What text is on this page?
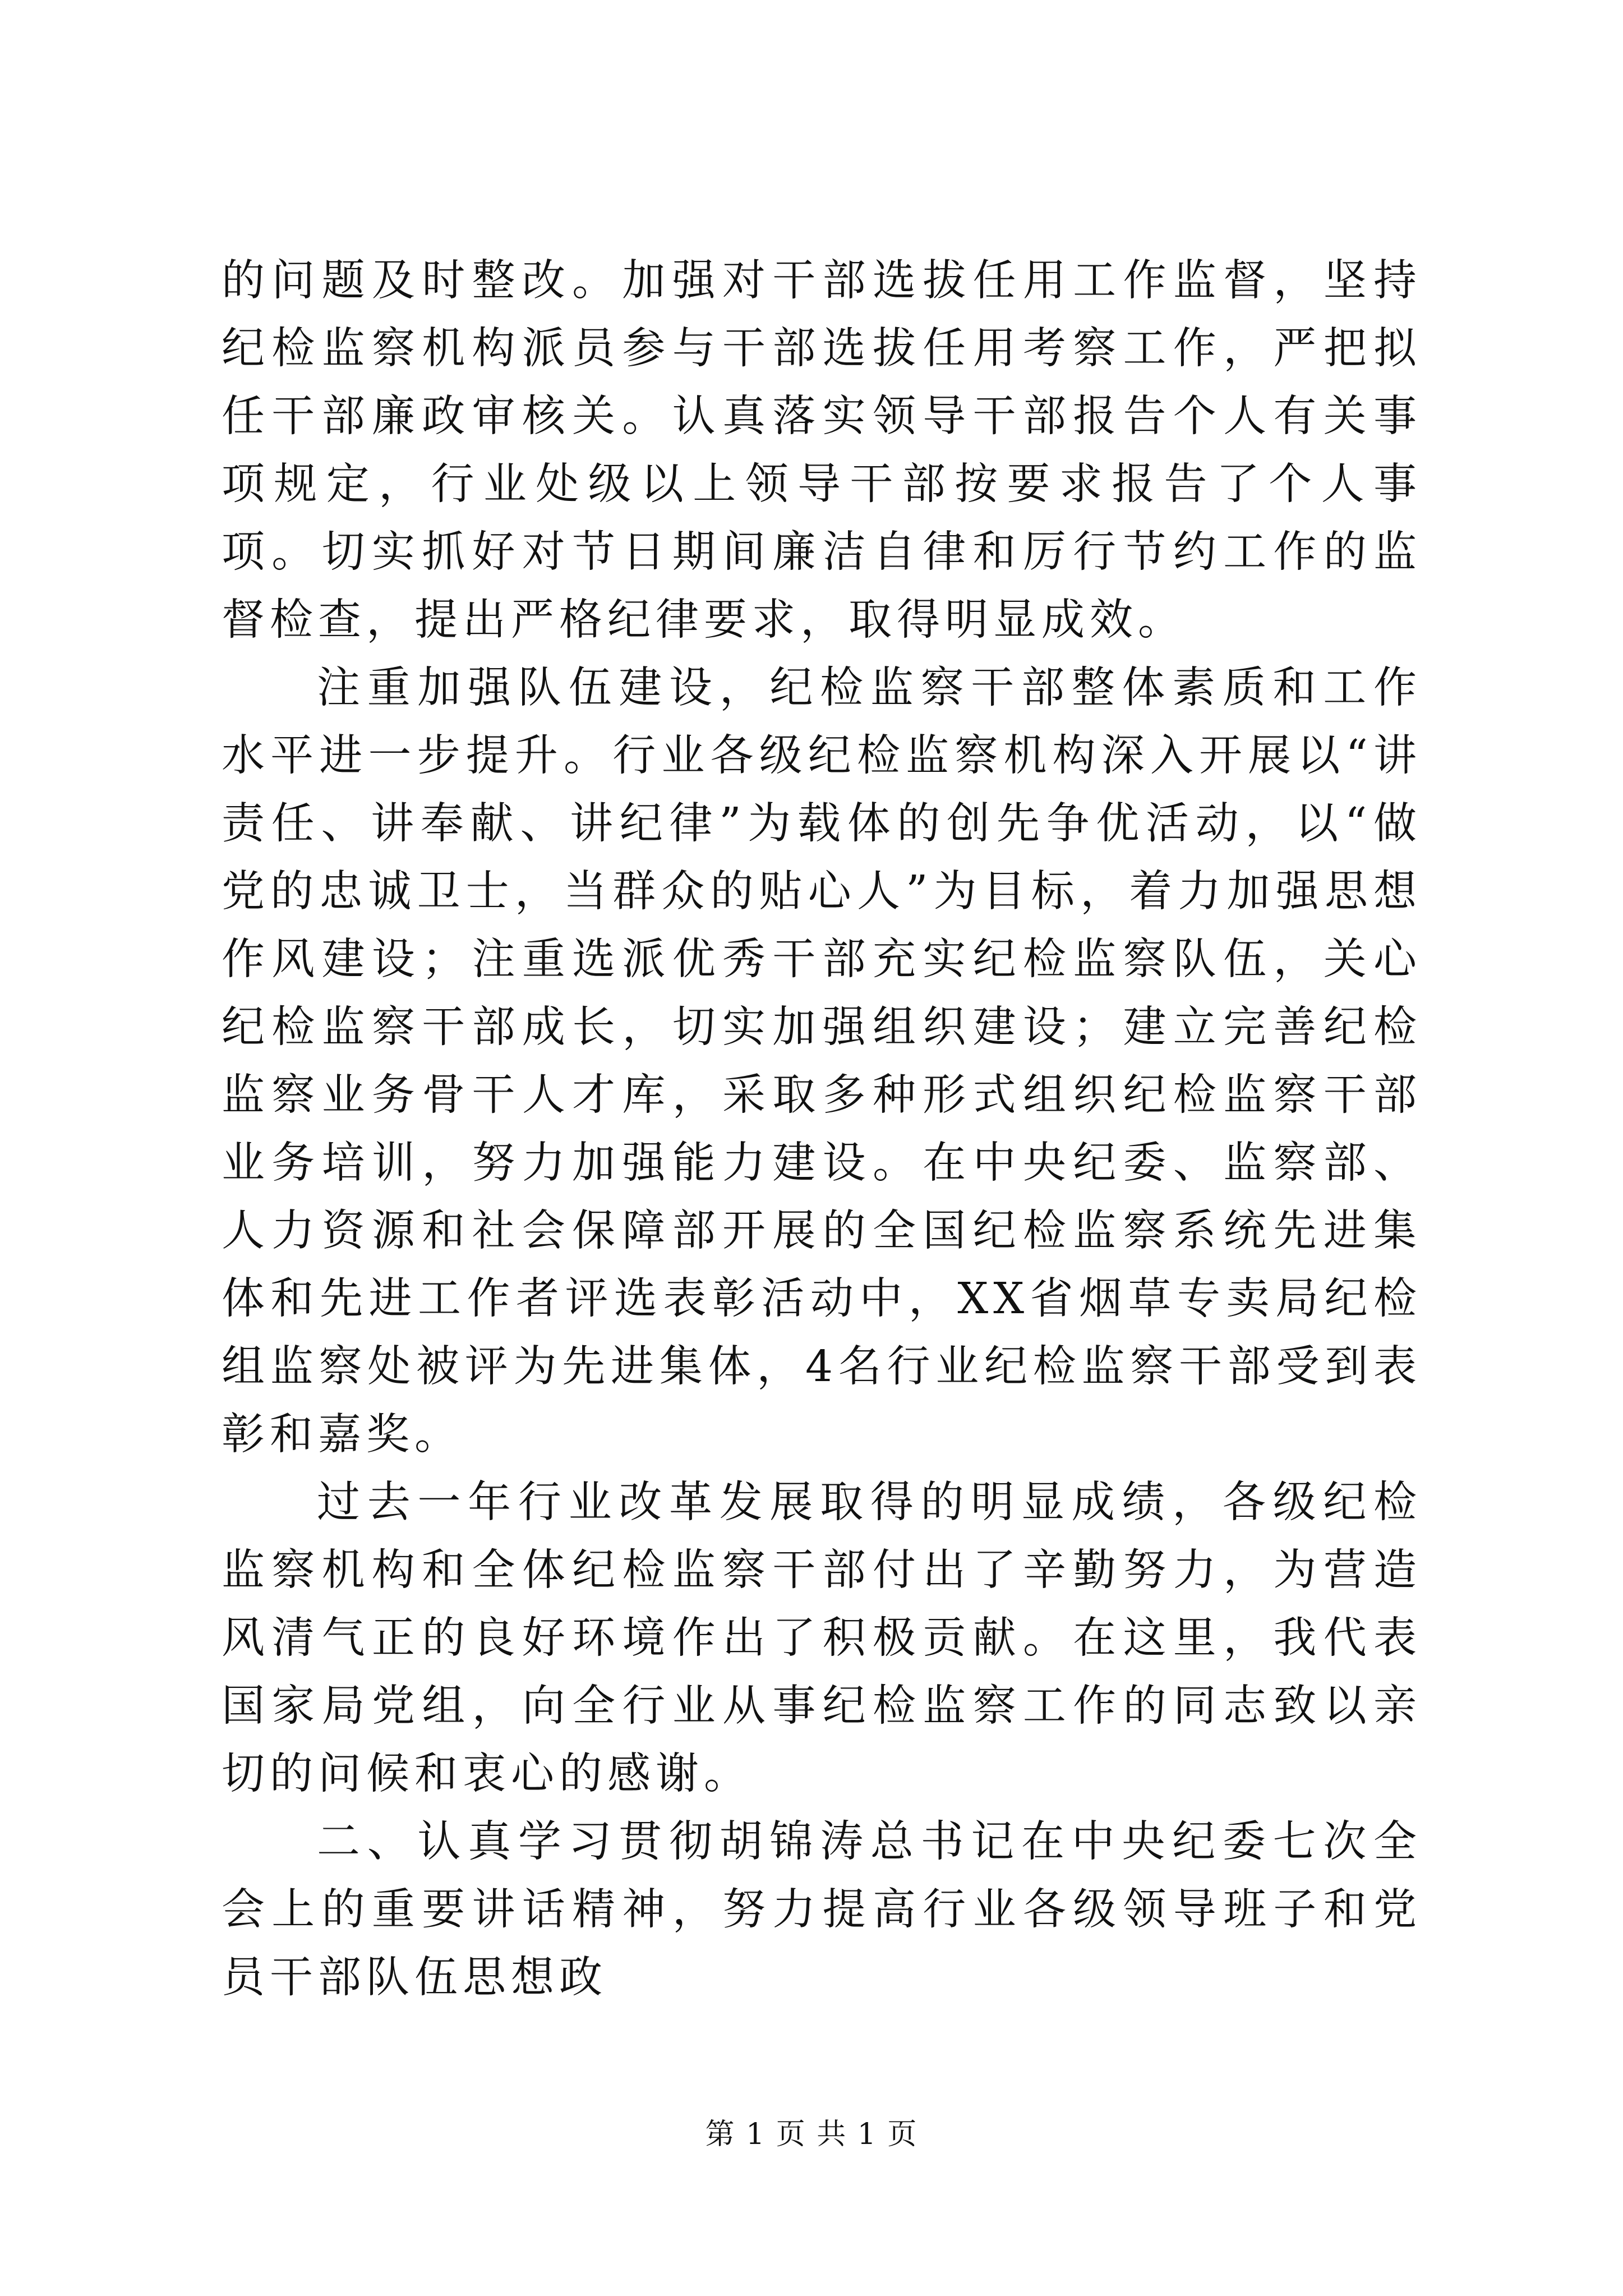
的问题及时整改。加强对干部选拔任用工作监督，坚持纪检监察机构派员参与干部选拔任用考察工作，严把拟任干部廉政审核关。认真落实领导干部报告个人有关事项规定，行业处级以上领导干部按要求报告了个人事项。切实抓好对节日期间廉洁自律和厉行节约工作的监督检查，提出严格纪律要求，取得明显成效。

注重加强队伍建设，纪检监察干部整体素质和工作水平进一步提升。行业各级纪检监察机构深入开展以“讲责任、讲奉献、讲纪律”为载体的创先争优活动，以“做党的忠诚卫士，当群众的贴心人”为目标，着力加强思想作风建设；注重选派优秀干部充实纪检监察队伍，关心纪检监察干部成长，切实加强组织建设；建立完善纪检监察业务骨干人才库，采取多种形式组织纪检监察干部业务培训，努力加强能力建设。在中央纪委、监察部、人力资源和社会保障部开展的全国纪检监察系统先进集体和先进工作者评选表彰活动中，XX省烟草专卖局纪检组监察处被评为先进集体，4名行业纪检监察干部受到表彰和嘉奖。

过去一年行业改革发展取得的明显成绩，各级纪检监察机构和全体纪检监察干部付出了辛勤努力，为营造风清气正的良好环境作出了积极贡献。在这里，我代表国家局党组，向全行业从事纪检监察工作的同志致以亲切的问候和衷心的感谢。

二、认真学习贯彻胡锦涛总书记在中央纪委七次全会上的重要讲话精神，努力提高行业各级领导班子和党员干部队伍思想政

第 1 页 共 1 页
